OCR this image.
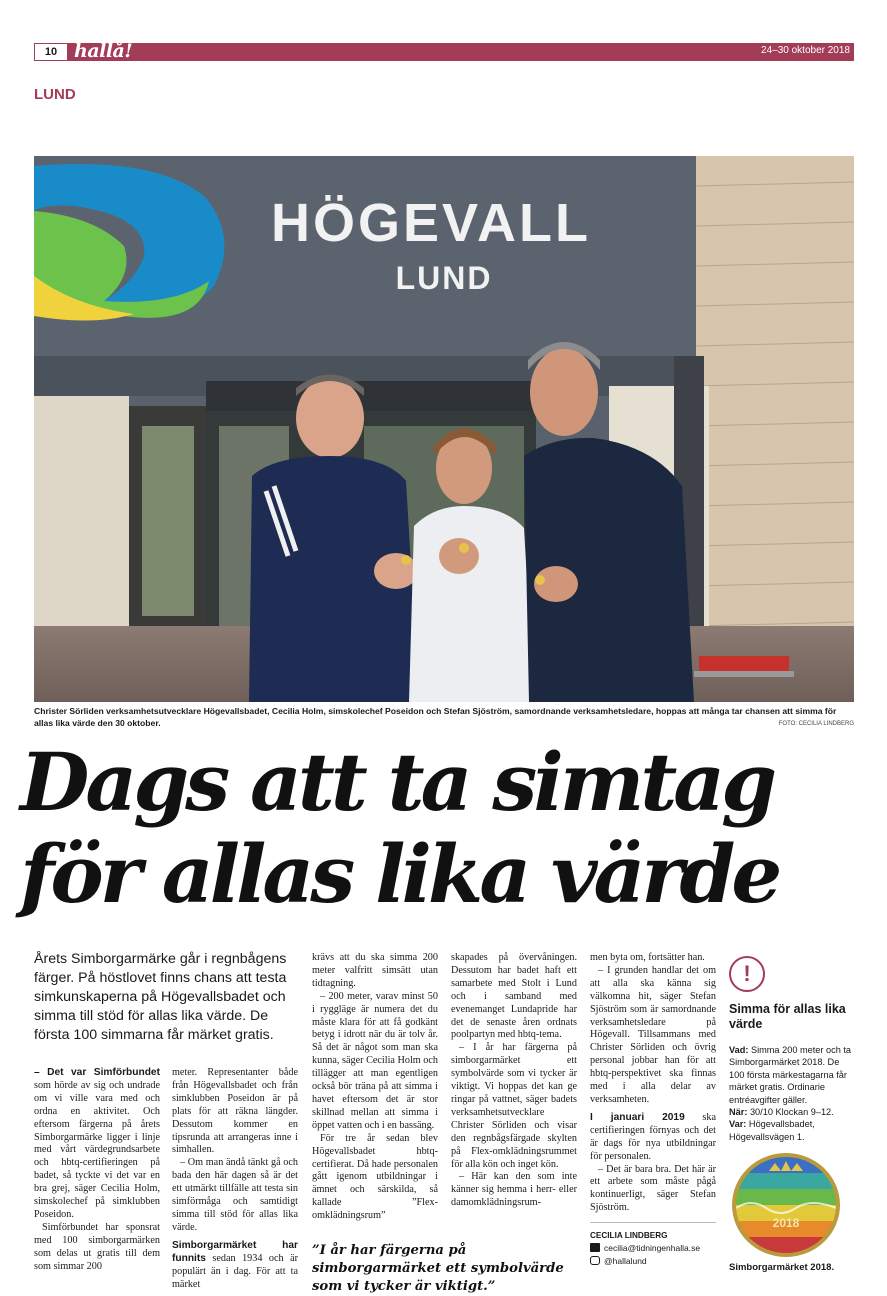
10 hallå!	24–30 oktober 2018
LUND
HÖGEVALL
LUND
Christer Sörliden verksamhetsutvecklare Högevallsbadet, Cecilia Holm, simskolechef Poseidon och Stefan Sjöström, samordnande verksamhetsledare, hoppas att många tar chansen att simma för allas lika värde den 30 oktober.	FOTO: CECILIA LINDBERG
Dags att ta simtag
för allas lika värde
Årets Simborgarmärke går i regnbågens färger. På höstlovet finns chans att testa simkunskaperna på Högevallsbadet och simma till stöd för allas lika värde. De första 100 simmarna får märket gratis.

– Det var Simförbundet som hörde av sig och undrade om vi ville vara med och ordna en aktivitet. Och eftersom färgerna på årets Simborgarmärke ligger i linje med vårt värdegrundsarbete och hbtq-certifieringen på badet, så tyckte vi det var en bra grej, säger Cecilia Holm, simskolechef på simklubben Poseidon.

Simförbundet har sponsrat med 100 simborgarmärken som delas ut gratis till dem som simmar 200

meter. Representanter både från Högevallsbadet och från simklubben Poseidon är på plats för att räkna längder. Dessutom kommer en tipsrunda att arrangeras inne i simhallen.

– Om man ändå tänkt gå och bada den här dagen så är det ett utmärkt tillfälle att testa sin simförmåga och samtidigt simma till stöd för allas lika värde.

Simborgarmärket har funnits sedan 1934 och är populärt än i dag. För att ta märket

krävs att du ska simma 200 meter valfritt simsätt utan tidtagning.

– 200 meter, varav minst 50 i ryggläge är numera det du måste klara för att få godkänt betyg i idrott när du är tolv år. Så det är något som man ska kunna, säger Cecilia Holm och tillägger att man egentligen också bör träna på att simma i havet eftersom det är stor skillnad mellan att simma i öppet vatten och i en bassäng.

För tre år sedan blev Högevallsbadet hbtq-certifierat. Då hade personalen gått igenom utbildningar i ämnet och särskilda, så kallade ”Flex-omklädningsrum”

skapades på övervåningen. Dessutom har badet haft ett samarbete med Stolt i Lund och i samband med evenemanget Lundapride har det de senaste åren ordnats poolpartyn med hbtq-tema.

– I år har färgerna på simborgarmärket ett symbolvärde som vi tycker är viktigt. Vi hoppas det kan ge ringar på vattnet, säger badets verksamhetsutvecklare Christer Sörliden och visar den regnbågsfärgade skylten på Flex-omklädningsrummet för alla kön och inget kön.

– Här kan den som inte känner sig hemma i herr- eller damomklädningsrum-

men byta om, fortsätter han.

– I grunden handlar det om att alla ska känna sig välkomna hit, säger Stefan Sjöström som är samordnande verksamhetsledare på Högevall. Tillsammans med Christer Sörliden och övrig personal jobbar han för att hbtq-perspektivet ska finnas med i alla delar av verksamheten.

I januari 2019 ska certifieringen förnyas och det är dags för nya utbildningar för personalen.

– Det är bara bra. Det här är ett arbete som måste pågå kontinuerligt, säger Stefan Sjöström.

”I år har färgerna på simborgarmärket ett symbolvärde som vi tycker är viktigt.”
CECILIA LINDBERG
cecilia@tidningenhalla.se
@hallalund
!
Simma för allas lika värde
Vad: Simma 200 meter och ta Simborgarmärket 2018. De 100 första märkestagarna får märket gratis. Ordinarie entréavgifter gäller.
När: 30/10 Klockan 9–12.
Var: Högevallsbadet, Högevallsvägen 1.
2018
Simborgarmärket 2018.
